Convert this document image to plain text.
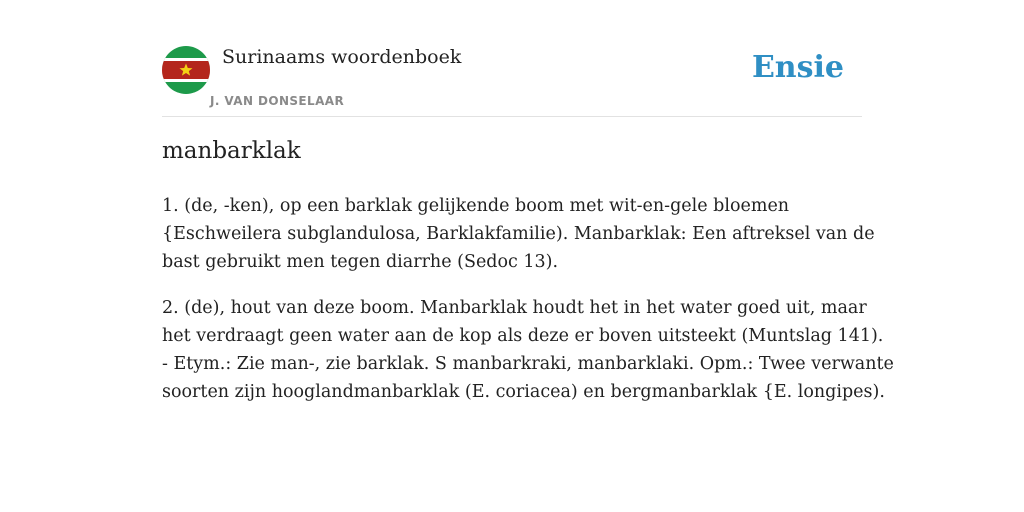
Surinaams woordenboek
J. VAN DONSELAAR
Ensie
manbarklak

1. (de, -ken), op een barklak gelijkende boom met wit-en-gele bloemen
{Eschweilera subglandulosa, Barklakfamilie). Manbarklak: Een aftreksel van de
bast gebruikt men tegen diarrhe (Sedoc 13).

2. (de), hout van deze boom. Manbarklak houdt het in het water goed uit, maar
het verdraagt geen water aan de kop als deze er boven uitsteekt (Muntslag 141).
- Etym.: Zie man-, zie barklak. S manbarkraki, manbarklaki. Opm.: Twee verwante
soorten zijn hooglandmanbarklak (E. coriacea) en bergmanbarklak {E. longipes).
